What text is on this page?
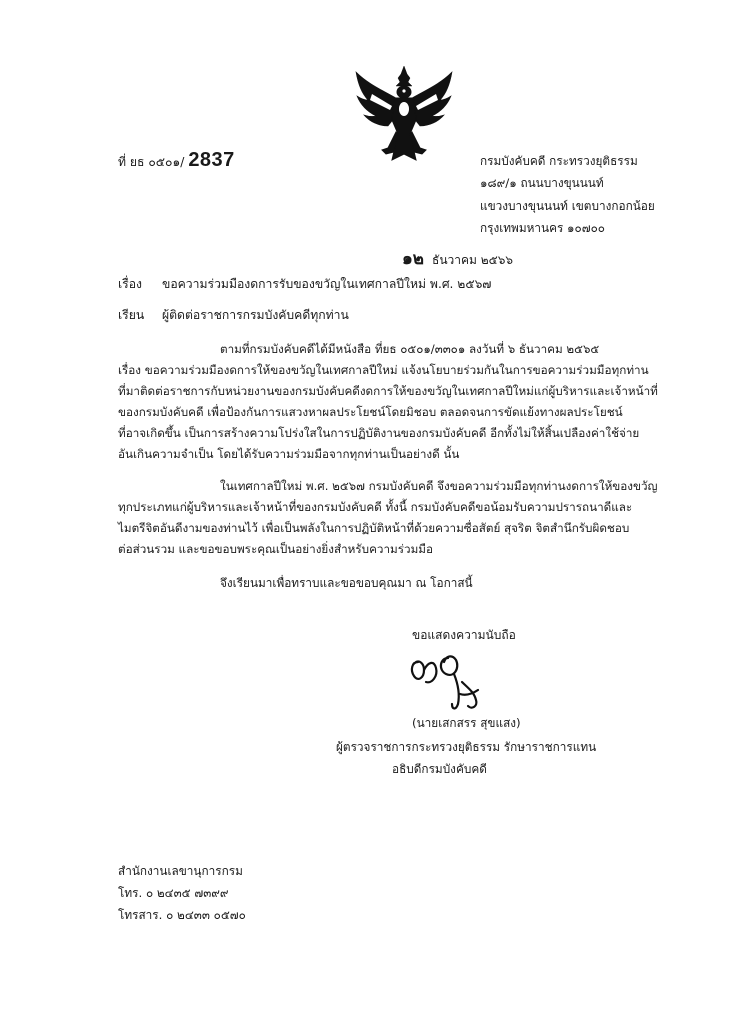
ที่ ยธ ๐๕๐๑/ 2837	กรมบังคับคดี กระทรวงยุติธรรม
๑๘๙/๑ ถนนบางขุนนนท์
แขวงบางขุนนนท์ เขตบางกอกน้อย
กรุงเทพมหานคร ๑๐๗๐๐
๑๒ ธันวาคม ๒๕๖๖
เรื่อง ขอความร่วมมืองดการรับของขวัญในเทศกาลปีใหม่ พ.ศ. ๒๕๖๗
เรียน ผู้ติดต่อราชการกรมบังคับคดีทุกท่าน
ตามที่กรมบังคับคดีได้มีหนังสือ ที่ยธ ๐๕๐๑/๓๓๐๑ ลงวันที่ ๖ ธันวาคม ๒๕๖๕
เรื่อง ขอความร่วมมืองดการให้ของขวัญในเทศกาลปีใหม่ แจ้งนโยบายร่วมกันในการขอความร่วมมือทุกท่าน
ที่มาติดต่อราชการกับหน่วยงานของกรมบังคับคดีงดการให้ของขวัญในเทศกาลปีใหม่แก่ผู้บริหารและเจ้าหน้าที่
ของกรมบังคับคดี เพื่อป้องกันการแสวงหาผลประโยชน์โดยมิชอบ ตลอดจนการขัดแย้งทางผลประโยชน์
ที่อาจเกิดขึ้น เป็นการสร้างความโปร่งใสในการปฏิบัติงานของกรมบังคับคดี อีกทั้งไม่ให้สิ้นเปลืองค่าใช้จ่าย
อันเกินความจำเป็น โดยได้รับความร่วมมือจากทุกท่านเป็นอย่างดี นั้น
ในเทศกาลปีใหม่ พ.ศ. ๒๕๖๗ กรมบังคับคดี จึงขอความร่วมมือทุกท่านงดการให้ของขวัญ
ทุกประเภทแก่ผู้บริหารและเจ้าหน้าที่ของกรมบังคับคดี ทั้งนี้ กรมบังคับคดีขอน้อมรับความปรารถนาดีและ
ไมตรีจิตอันดีงามของท่านไว้ เพื่อเป็นพลังในการปฏิบัติหน้าที่ด้วยความซื่อสัตย์ สุจริต จิตสำนึกรับผิดชอบ
ต่อส่วนรวม และขอขอบพระคุณเป็นอย่างยิ่งสำหรับความร่วมมือ
จึงเรียนมาเพื่อทราบและขอขอบคุณมา ณ โอกาสนี้
ขอแสดงความนับถือ
(นายเสกสรร สุขแสง)
ผู้ตรวจราชการกระทรวงยุติธรรม รักษาราชการแทน
อธิบดีกรมบังคับคดี
สำนักงานเลขานุการกรม
โทร. ๐ ๒๔๓๕ ๗๓๙๙
โทรสาร. ๐ ๒๔๓๓ ๐๕๗๐
